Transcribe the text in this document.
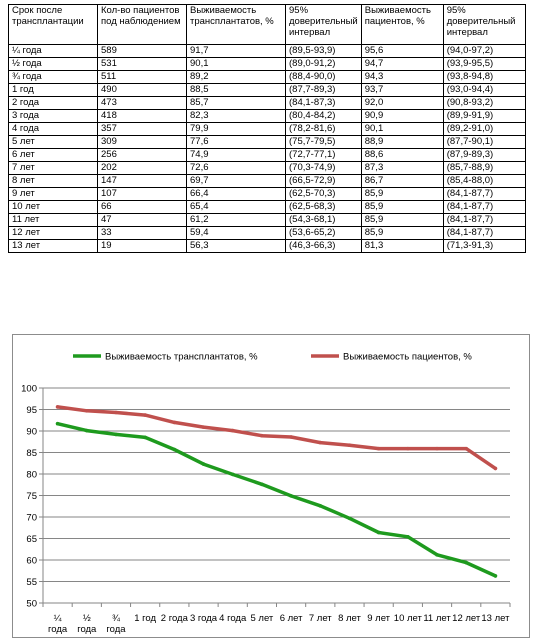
Срок после трансплантации	Кол-во пациентов под наблюдением	Выживаемость трансплантатов, %	95% доверительный интервал	Выживаемость пациентов, %	95% доверительный интервал
¼ года	589	91,7	(89,5-93,9)	95,6	(94,0-97,2)
½ года	531	90,1	(89,0-91,2)	94,7	(93,9-95,5)
¾ года	511	89,2	(88,4-90,0)	94,3	(93,8-94,8)
1 год	490	88,5	(87,7-89,3)	93,7	(93,0-94,4)
2 года	473	85,7	(84,1-87,3)	92,0	(90,8-93,2)
3 года	418	82,3	(80,4-84,2)	90,9	(89,9-91,9)
4 года	357	79,9	(78,2-81,6)	90,1	(89,2-91,0)
5 лет	309	77,6	(75,7-79,5)	88,9	(87,7-90,1)
6 лет	256	74,9	(72,7-77,1)	88,6	(87,9-89,3)
7 лет	202	72,6	(70,3-74,9)	87,3	(85,7-88,9)
8 лет	147	69,7	(66,5-72,9)	86,7	(85,4-88,0)
9 лет	107	66,4	(62,5-70,3)	85,9	(84,1-87,7)
10 лет	66	65,4	(62,5-68,3)	85,9	(84,1-87,7)
11 лет	47	61,2	(54,3-68,1)	85,9	(84,1-87,7)
12 лет	33	59,4	(53,6-65,2)	85,9	(84,1-87,7)
13 лет	19	56,3	(46,3-66,3)	81,3	(71,3-91,3)
50
55
60
65
70
75
80
85
90
95
100
¼
года
½
года
¾
года
1 год 2 года 3 года 4 года 5 лет 6 лет 7 лет 8 лет 9 лет 10 лет 11 лет 12 лет 13 лет
Выживаемость трансплантатов, %	Выживаемость пациентов, %
